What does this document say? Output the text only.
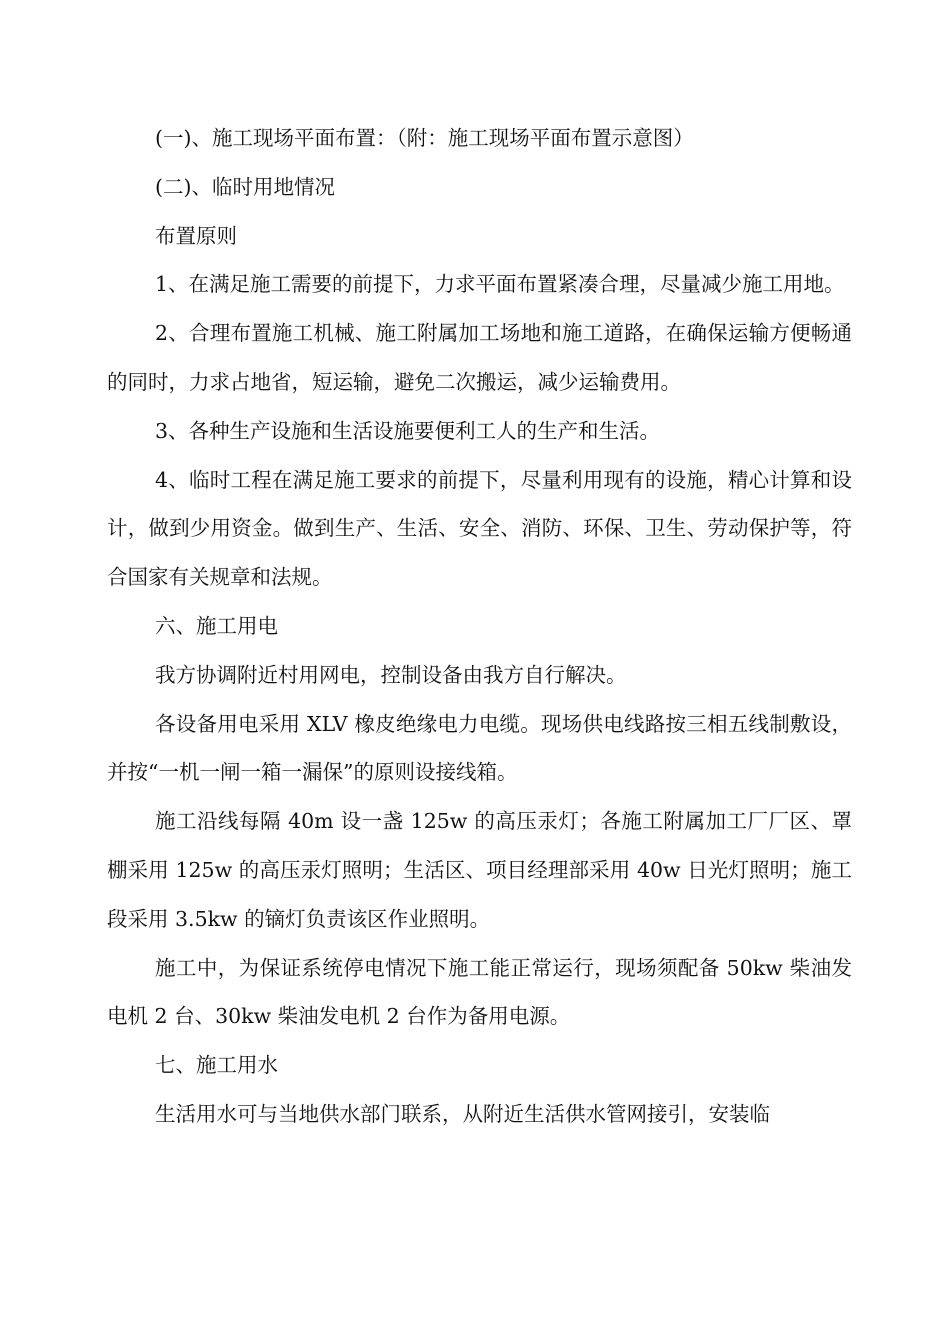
(一)、施工现场平面布置：（附：施工现场平面布置示意图）

(二)、临时用地情况

布置原则

1、在满足施工需要的前提下，力求平面布置紧凑合理，尽量减少施工用地。

2、合理布置施工机械、施工附属加工场地和施工道路，在确保运输方便畅通的同时，力求占地省，短运输，避免二次搬运，减少运输费用。

3、各种生产设施和生活设施要便利工人的生产和生活。

4、临时工程在满足施工要求的前提下，尽量利用现有的设施，精心计算和设计，做到少用资金。做到生产、生活、安全、消防、环保、卫生、劳动保护等，符合国家有关规章和法规。

六、施工用电

我方协调附近村用网电，控制设备由我方自行解决。

各设备用电采用 XLV 橡皮绝缘电力电缆。现场供电线路按三相五线制敷设，并按“一机一闸一箱一漏保”的原则设接线箱。

施工沿线每隔 40m 设一盏 125w 的高压汞灯；各施工附属加工厂厂区、罩棚采用 125w 的高压汞灯照明；生活区、项目经理部采用 40w 日光灯照明；施工段采用 3.5kw 的镝灯负责该区作业照明。

施工中，为保证系统停电情况下施工能正常运行，现场须配备 50kw 柴油发电机 2 台、30kw 柴油发电机 2 台作为备用电源。

七、施工用水

生活用水可与当地供水部门联系，从附近生活供水管网接引，安装临
